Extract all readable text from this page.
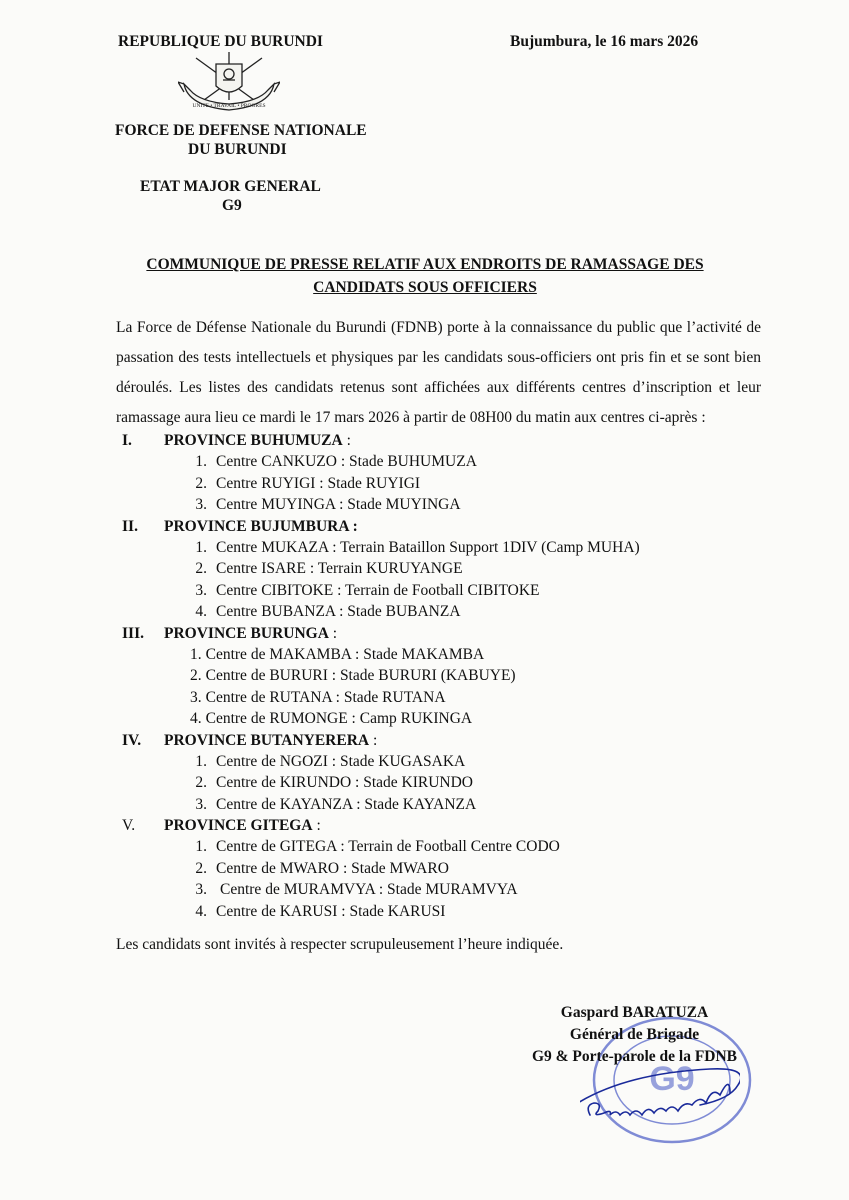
REPUBLIQUE DU BURUNDI	Bujumbura, le 16 mars 2026
UNITE • TRAVAIL • PROGRES
FORCE DE DEFENSE NATIONALE
DU BURUNDI
ETAT MAJOR GENERAL
G9
COMMUNIQUE DE PRESSE RELATIF AUX ENDROITS DE RAMASSAGE DES
CANDIDATS SOUS OFFICIERS
La Force de Défense Nationale du Burundi (FDNB) porte à la connaissance du public que l’activité de passation des tests intellectuels et physiques par les candidats sous-officiers ont pris fin et se sont bien déroulés. Les listes des candidats retenus sont affichées aux différents centres d’inscription et leur ramassage aura lieu ce mardi le 17 mars 2026 à partir de 08H00 du matin aux centres ci-après :
I.	PROVINCE BUHUMUZA :
1. Centre CANKUZO : Stade BUHUMUZA
2. Centre RUYIGI : Stade RUYIGI
3. Centre MUYINGA : Stade MUYINGA
II.	PROVINCE BUJUMBURA :
1. Centre MUKAZA : Terrain Bataillon Support 1DIV (Camp MUHA)
2. Centre ISARE : Terrain KURUYANGE
3. Centre CIBITOKE : Terrain de Football CIBITOKE
4. Centre BUBANZA : Stade BUBANZA
III.	PROVINCE BURUNGA :
1. Centre de MAKAMBA : Stade MAKAMBA
2. Centre de BURURI : Stade BURURI (KABUYE)
3. Centre de RUTANA : Stade RUTANA
4. Centre de RUMONGE : Camp RUKINGA
IV.	PROVINCE BUTANYERERA :
1. Centre de NGOZI : Stade KUGASAKA
2. Centre de KIRUNDO : Stade KIRUNDO
3. Centre de KAYANZA : Stade KAYANZA
V.	PROVINCE GITEGA :
1. Centre de GITEGA : Terrain de Football Centre CODO
2. Centre de MWARO : Stade MWARO
3. Centre de MURAMVYA : Stade MURAMVYA
4. Centre de KARUSI : Stade KARUSI
Les candidats sont invités à respecter scrupuleusement l’heure indiquée.
G9
Gaspard BARATUZA
Général de Brigade
G9 & Porte-parole de la FDNB
